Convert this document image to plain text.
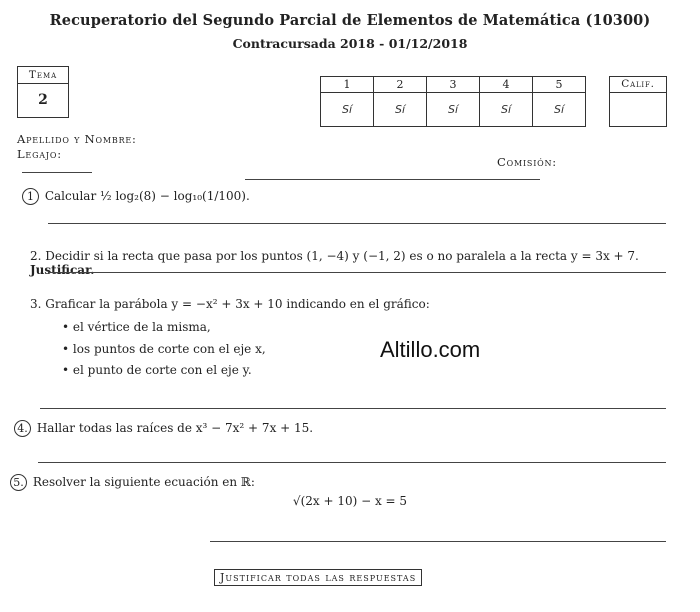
Recuperatorio del Segundo Parcial de Elementos de Matemática (10300)
Contracursada 2018 - 01/12/2018
Tema
2
1	2	3	4	5
Sí	Sí	Sí	Sí	Sí
Calif.
Apellido y Nombre:
Legajo:
Comisión:
1 Calcular ½ log₂(8) − log₁₀(1/100).
2. Decidir si la recta que pasa por los puntos (1, −4) y (−1, 2) es o no paralela a la recta y = 3x + 7. Justificar.
3. Graficar la parábola y = −x² + 3x + 10 indicando en el gráfico:
• el vértice de la misma,
• los puntos de corte con el eje x,
• el punto de corte con el eje y.
Altillo.com
4. Hallar todas las raíces de x³ − 7x² + 7x + 15.
5. Resolver la siguiente ecuación en ℝ:
√(2x + 10) − x = 5
Justificar todas las respuestas
